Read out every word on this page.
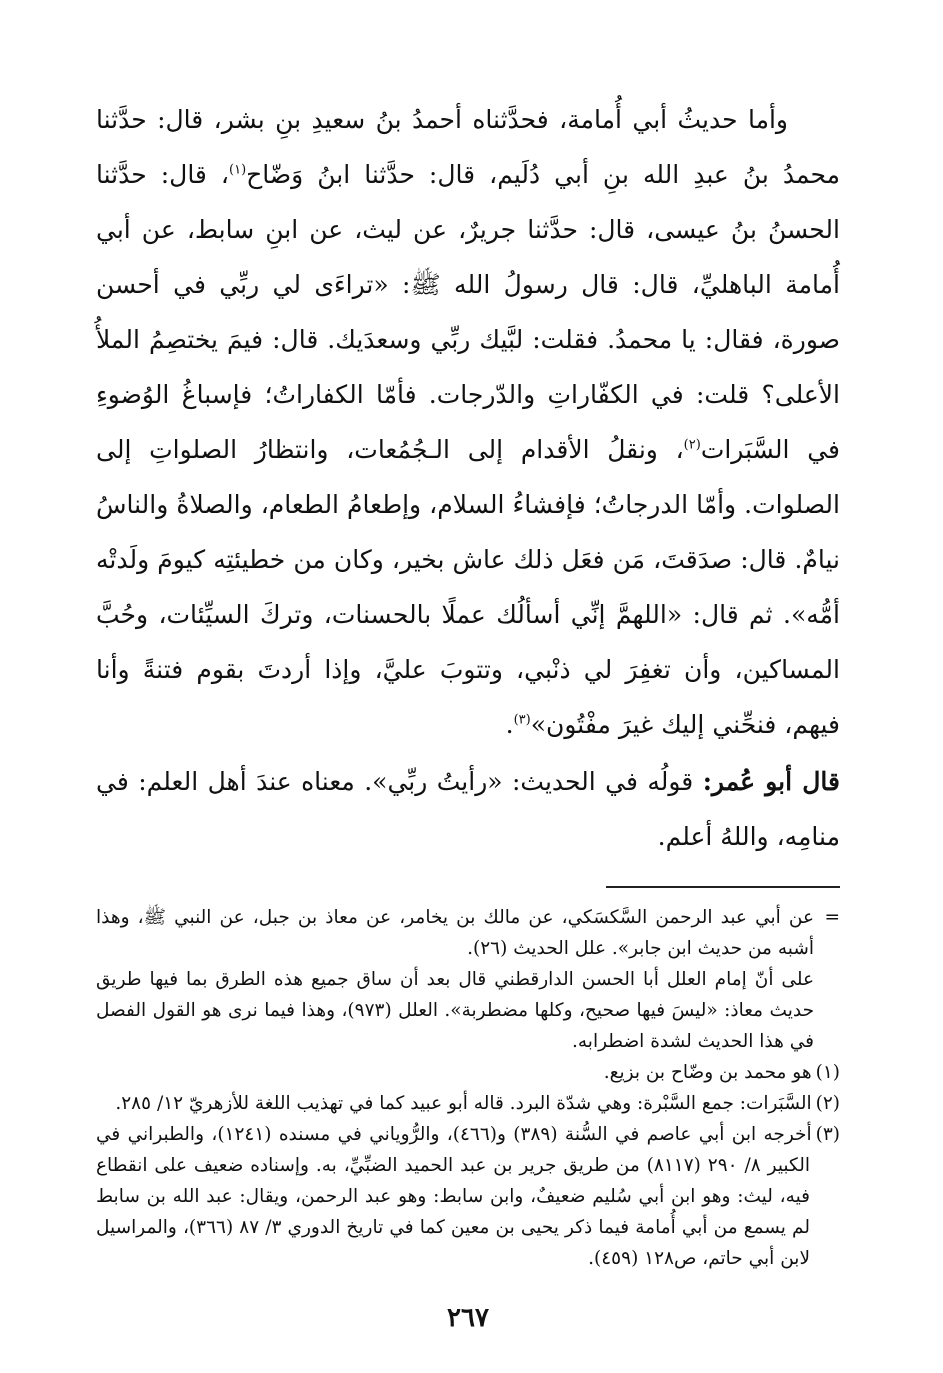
وأما حديثُ أبي أُمامة، فحدَّثناه أحمدُ بنُ سعيدِ بنِ بشر، قال: حدَّثنا محمدُ بنُ عبدِ الله بنِ أبي دُلَيم، قال: حدَّثنا ابنُ وَضّاح$^{(١)}$، قال: حدَّثنا الحسنُ بنُ عيسى، قال: حدَّثنا جريرٌ، عن ليث، عن ابنِ سابط، عن أبي أُمامة الباهليِّ، قال: قال رسولُ الله ﷺ: «تراءَى لي ربِّي في أحسن صورة، فقال: يا محمدُ. فقلت: لبَّيك ربِّي وسعدَيك. قال: فيمَ يختصِمُ الملأُ الأعلى؟ قلت: في الكفّاراتِ والدّرجات. فأمّا الكفاراتُ؛ فإسباغُ الوُضوءِ في السَّبَرات$^{(٢)}$، ونقلُ الأقدام إلى الـجُمُعات، وانتظارُ الصلواتِ إلى الصلوات. وأمّا الدرجاتُ؛ فإفشاءُ السلام، وإطعامُ الطعام، والصلاةُ والناسُ نيامٌ. قال: صدَقتَ، مَن فعَل ذلك عاش بخير، وكان من خطيئتِه كيومَ ولَدتْه أمُّه». ثم قال: «اللهمَّ إنِّي أسألُك عملًا بالحسنات، وتركَ السيِّئات، وحُبَّ المساكين، وأن تغفِرَ لي ذنْبي، وتتوبَ عليَّ، وإذا أردتَ بقوم فتنةً وأنا فيهم، فنحِّني إليك غيرَ مفْتُون»$^{(٣)}$.

قال أبو عُمر: قولُه في الحديث: «رأيتُ ربِّي». معناه عندَ أهل العلم: في منامِه، واللهُ أعلم.

=
عن أبي عبد الرحمن السَّكسَكي، عن مالك بن يخامر، عن معاذ بن جبل، عن النبي ﷺ، وهذا أشبه من حديث ابن جابر». علل الحديث (٢٦).

على أنّ إمام العلل أبا الحسن الدارقطني قال بعد أن ساق جميع هذه الطرق بما فيها طريق حديث معاذ: «ليسَ فيها صحيح، وكلها مضطربة». العلل (٩٧٣)، وهذا فيما نرى هو القول الفصل في هذا الحديث لشدة اضطرابه.

(١)هو محمد بن وضّاح بن بزيع.

(٢)السَّبَرات: جمع السَّبْرة: وهي شدّة البرد. قاله أبو عبيد كما في تهذيب اللغة للأزهريّ ١٢/ ٢٨٥.

(٣)أخرجه ابن أبي عاصم في السُّنة (٣٨٩) و(٤٦٦)، والرُّوياني في مسنده (١٢٤١)، والطبراني في الكبير ٨/ ٢٩٠ (٨١١٧) من طريق جرير بن عبد الحميد الضبِّيِّ، به. وإسناده ضعيف على انقطاع فيه، ليث: وهو ابن أبي سُليم ضعيفٌ، وابن سابط: وهو عبد الرحمن، ويقال: عبد الله بن سابط لم يسمع من أبي أُمامة فيما ذكر يحيى بن معين كما في تاريخ الدوري ٣/ ٨٧ (٣٦٦)، والمراسيل لابن أبي حاتم، ص١٢٨ (٤٥٩).

٢٦٧
